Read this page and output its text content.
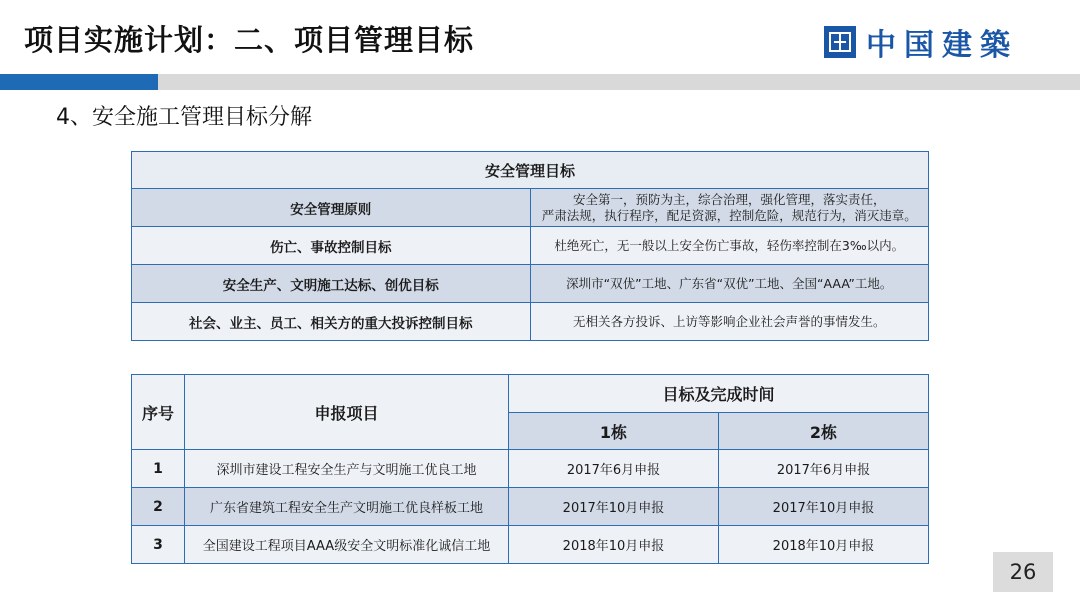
项目实施计划：二、项目管理目标	中国建築
4、安全施工管理目标分解
安全管理目标	
安全管理原则	安全第一，预防为主，综合治理，强化管理，落实责任，
严肃法规，执行程序，配足资源，控制危险，规范行为，消灭违章。

伤亡、事故控制目标	杜绝死亡，无一般以上安全伤亡事故，轻伤率控制在3‰以内。
安全生产、文明施工达标、创优目标	深圳市“双优”工地、广东省“双优”工地、全国“AAA”工地。
社会、业主、员工、相关方的重大投诉控制目标	无相关各方投诉、上访等影响企业社会声誉的事情发生。
序号	申报项目	目标及完成时间	
		1栋	2栋
1	深圳市建设工程安全生产与文明施工优良工地	2017年6月申报	2017年6月申报
2	广东省建筑工程安全生产文明施工优良样板工地	2017年10月申报	2017年10月申报
3	全国建设工程项目AAA级安全文明标准化诚信工地	2018年10月申报	2018年10月申报
26
